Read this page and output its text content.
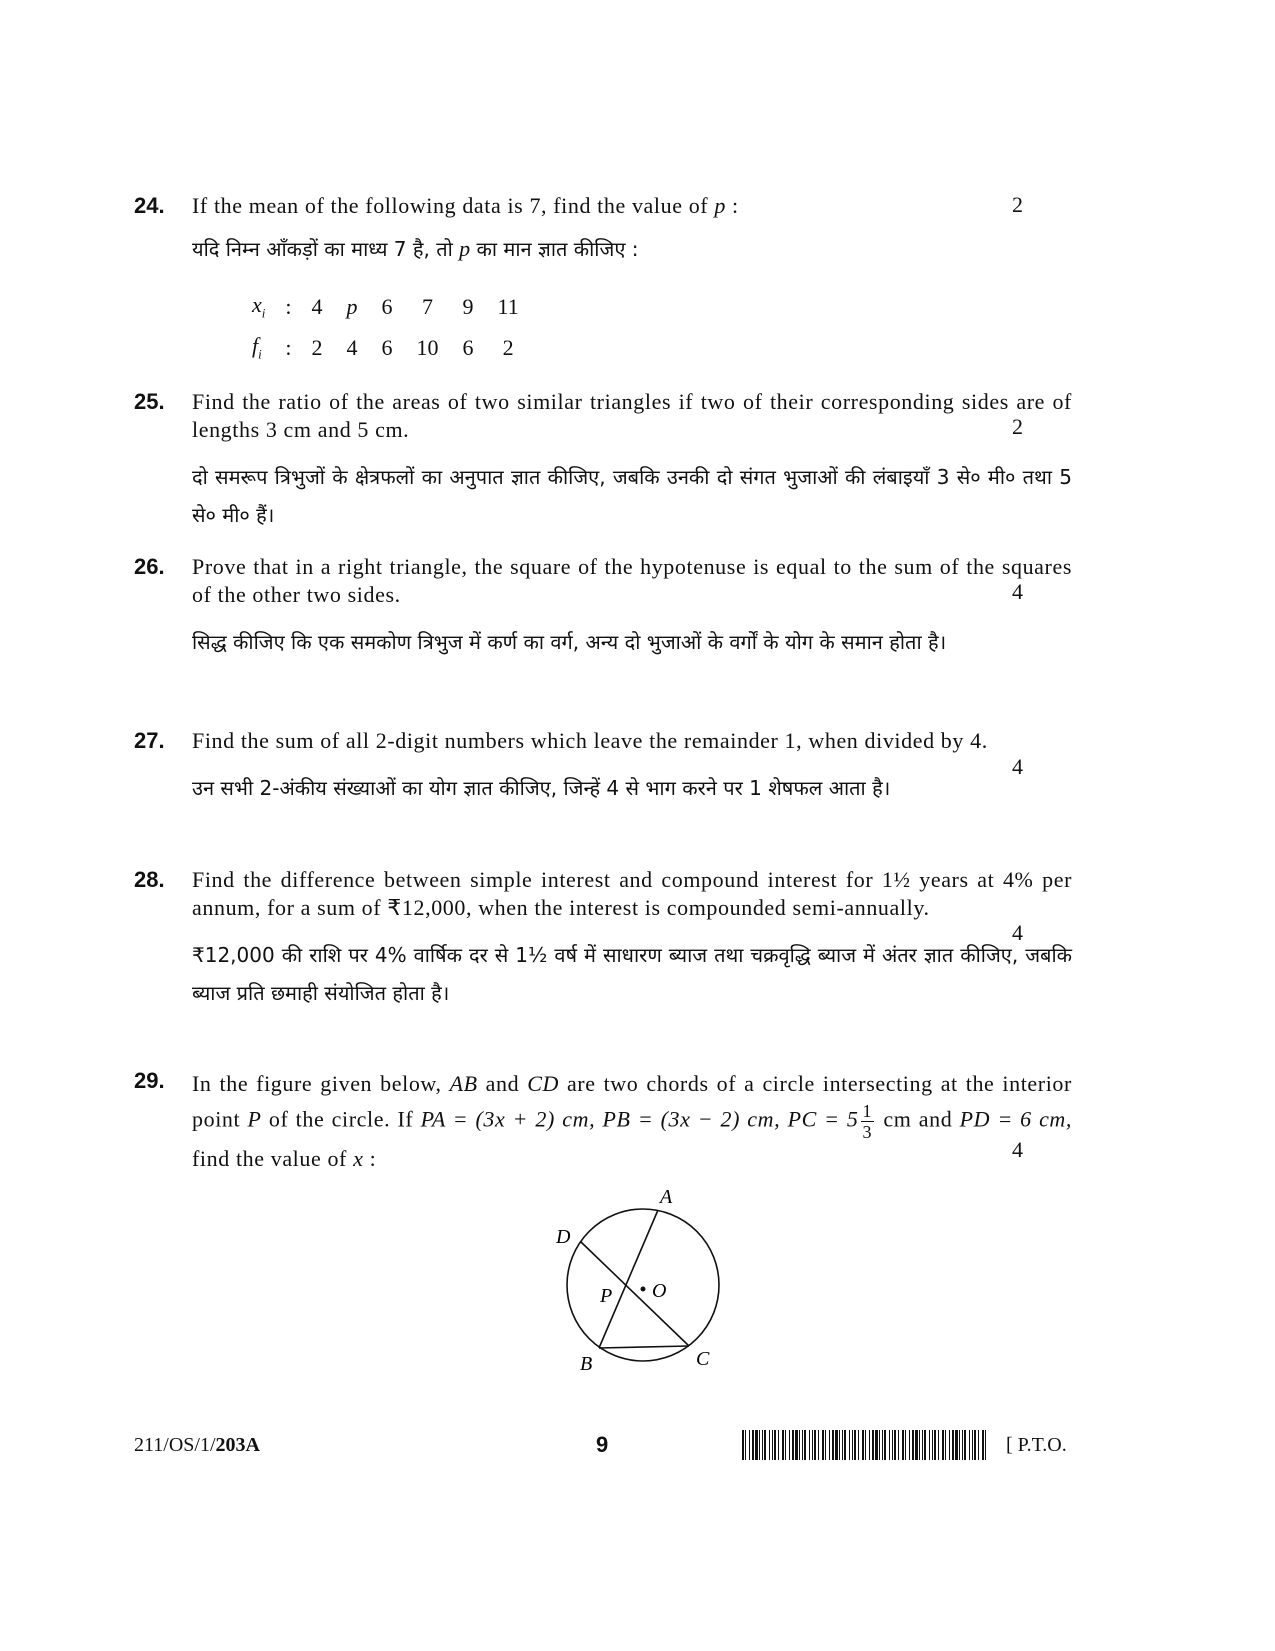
24. If the mean of the following data is 7, find the value of p :
यदि निम्न आँकड़ों का माध्य 7 है, तो p का मान ज्ञात कीजिए :
$x_i$	:	4	p	6	7	9	11
$f_i$	:	2	4	6	10	6	2
2
25. Find the ratio of the areas of two similar triangles if two of their corresponding sides are of lengths 3 cm and 5 cm.
दो समरूप त्रिभुजों के क्षेत्रफलों का अनुपात ज्ञात कीजिए, जबकि उनकी दो संगत भुजाओं की लंबाइयाँ 3 से० मी० तथा 5 से० मी० हैं।
2
26. Prove that in a right triangle, the square of the hypotenuse is equal to the sum of the squares of the other two sides.
सिद्ध कीजिए कि एक समकोण त्रिभुज में कर्ण का वर्ग, अन्य दो भुजाओं के वर्गों के योग के समान होता है।
4
27. Find the sum of all 2-digit numbers which leave the remainder 1, when divided by 4.
उन सभी 2-अंकीय संख्याओं का योग ज्ञात कीजिए, जिन्हें 4 से भाग करने पर 1 शेषफल आता है।
4
28. Find the difference between simple interest and compound interest for 1½ years at 4% per annum, for a sum of ₹12,000, when the interest is compounded semi-annually.
₹12,000 की राशि पर 4% वार्षिक दर से 1½ वर्ष में साधारण ब्याज तथा चक्रवृद्धि ब्याज में अंतर ज्ञात कीजिए, जबकि ब्याज प्रति छमाही संयोजित होता है।
4
29. In the figure given below, AB and CD are two chords of a circle intersecting at the interior point P of the circle. If PA = (3x + 2) cm, PB = (3x − 2) cm, PC = $5 \frac{1}{3}$ cm and PD = 6 cm, find the value of x :	4
A
D
P O
B	C
211/OS/1/203A	9	[ P.T.O.
